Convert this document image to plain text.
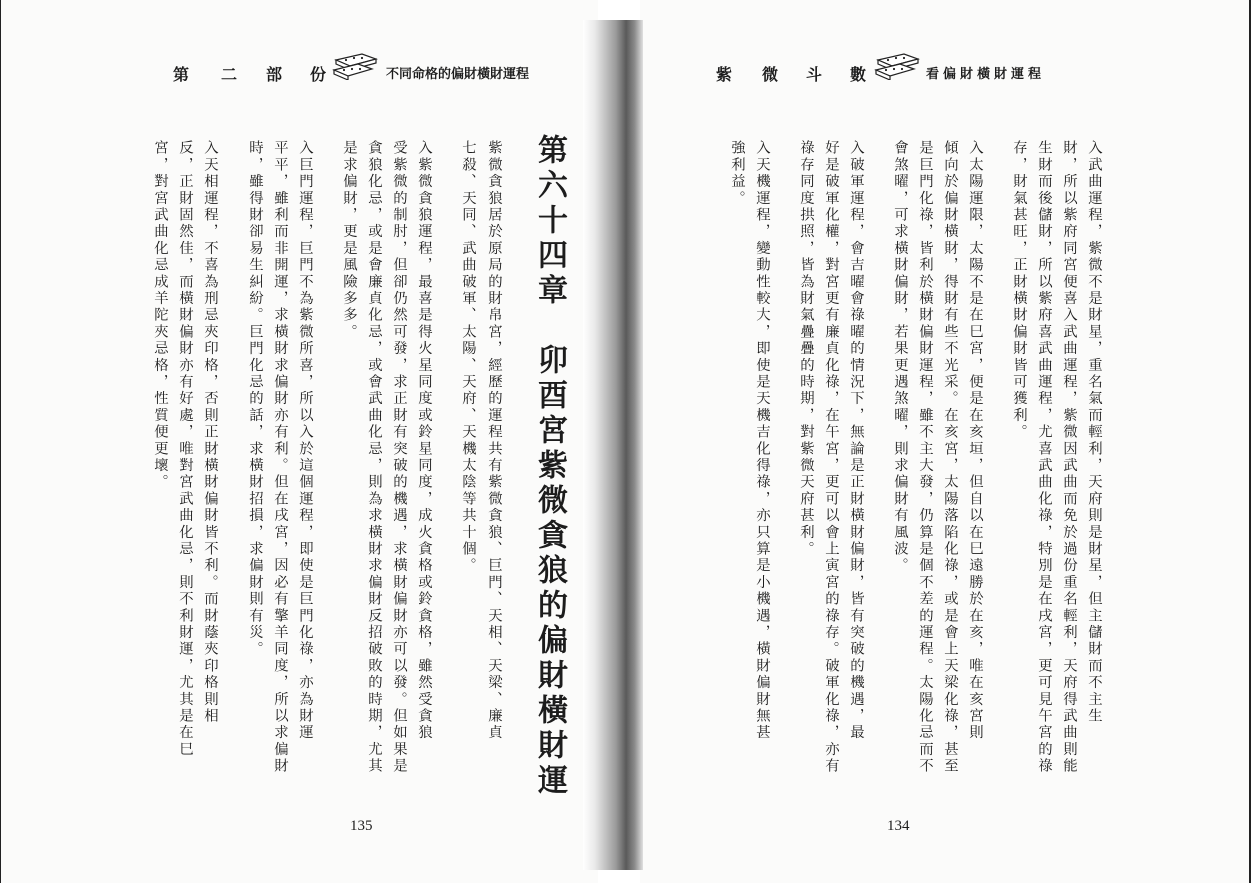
第 二 部 份	不同命格的偏財橫財運程
第六十四章　卯酉宮紫微貪狼的偏財橫財運
紫微貪狼居於原局的財帛宮，經歷的運程共有紫微貪狼、巨門、天相、天梁、廉貞
七殺、天同、武曲破軍、太陽、天府、天機太陰等共十個。
入紫微貪狼運程，最喜是得火星同度或鈴星同度，成火貪格或鈴貪格，雖然受貪狼
受紫微的制肘，但卻仍然可發，求正財有突破的機遇，求橫財偏財亦可以發。但如果是
貪狼化忌，或是會廉貞化忌，或會武曲化忌，則為求橫財求偏財反招破敗的時期，尤其
是求偏財，更是風險多多。
入巨門運程，巨門不為紫微所喜，所以入於這個運程，即使是巨門化祿，亦為財運
平平，雖利而非開運，求橫財求偏財亦有利。但在戌宮，因必有擎羊同度，所以求偏財
時，雖得財卻易生糾紛。巨門化忌的話，求橫財招損，求偏財則有災。
入天相運程，不喜為刑忌夾印格，否則正財橫財偏財皆不利。而財蔭夾印格則相
反，正財固然佳，而橫財偏財亦有好處，唯對宮武曲化忌，則不利財運，尤其是在巳
宮，對宮武曲化忌成羊陀夾忌格，性質便更壞。
135
紫 微 斗 數	看偏財橫財運程
入武曲運程，紫微不是財星，重名氣而輕利，天府則是財星，但主儲財而不主生
財，所以紫府同宮便喜入武曲運程，紫微因武曲而免於過份重名輕利，天府得武曲則能
生財而後儲財，所以紫府喜武曲運程，尤喜武曲化祿，特別是在戌宮，更可見午宮的祿
存，財氣甚旺，正財橫財偏財皆可獲利。
入太陽運限，太陽不是在巳宮，便是在亥垣，但自以在巳遠勝於在亥，唯在亥宮則
傾向於偏財橫財，得財有些不光采。在亥宮，太陽落陷化祿，或是會上天梁化祿，甚至
是巨門化祿，皆利於橫財偏財運程，雖不主大發，仍算是個不差的運程。太陽化忌而不
會煞曜，可求橫財偏財，若果更遇煞曜，則求偏財有風波。
入破軍運程，會吉曜會祿曜的情況下，無論是正財橫財偏財，皆有突破的機遇，最
好是破軍化權，對宮更有廉貞化祿，在午宮，更可以會上寅宮的祿存。破軍化祿，亦有
祿存同度拱照，皆為財氣疊疊的時期，對紫微天府甚利。
入天機運程，變動性較大，即使是天機吉化得祿，亦只算是小機遇，橫財偏財無甚
強利益。
134
